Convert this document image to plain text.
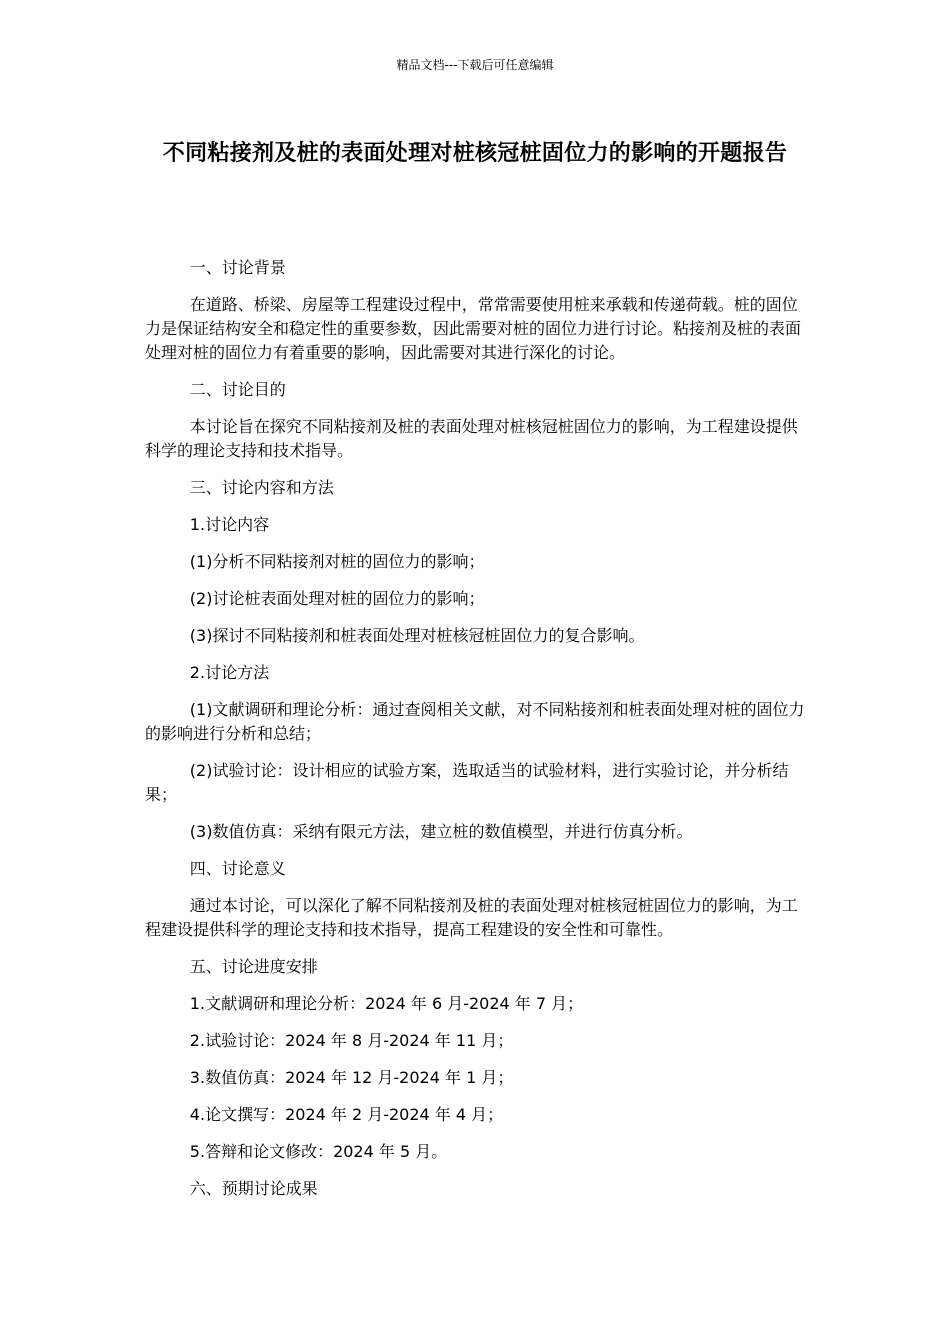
精品文档---下载后可任意编辑
不同粘接剂及桩的表面处理对桩核冠桩固位力的影响的开题报告

一、讨论背景

在道路、桥梁、房屋等工程建设过程中，常常需要使用桩来承载和传递荷载。桩的固位力是保证结构安全和稳定性的重要参数，因此需要对桩的固位力进行讨论。粘接剂及桩的表面处理对桩的固位力有着重要的影响，因此需要对其进行深化的讨论。

二、讨论目的

本讨论旨在探究不同粘接剂及桩的表面处理对桩核冠桩固位力的影响，为工程建设提供科学的理论支持和技术指导。

三、讨论内容和方法

1.讨论内容

(1)分析不同粘接剂对桩的固位力的影响；

(2)讨论桩表面处理对桩的固位力的影响；

(3)探讨不同粘接剂和桩表面处理对桩核冠桩固位力的复合影响。

2.讨论方法

(1)文献调研和理论分析：通过查阅相关文献，对不同粘接剂和桩表面处理对桩的固位力的影响进行分析和总结；

(2)试验讨论：设计相应的试验方案，选取适当的试验材料，进行实验讨论，并分析结果；

(3)数值仿真：采纳有限元方法，建立桩的数值模型，并进行仿真分析。

四、讨论意义

通过本讨论，可以深化了解不同粘接剂及桩的表面处理对桩核冠桩固位力的影响，为工程建设提供科学的理论支持和技术指导，提高工程建设的安全性和可靠性。

五、讨论进度安排

1.文献调研和理论分析：2024 年 6 月-2024 年 7 月；

2.试验讨论：2024 年 8 月-2024 年 11 月；

3.数值仿真：2024 年 12 月-2024 年 1 月；

4.论文撰写：2024 年 2 月-2024 年 4 月；

5.答辩和论文修改：2024 年 5 月。

六、预期讨论成果
